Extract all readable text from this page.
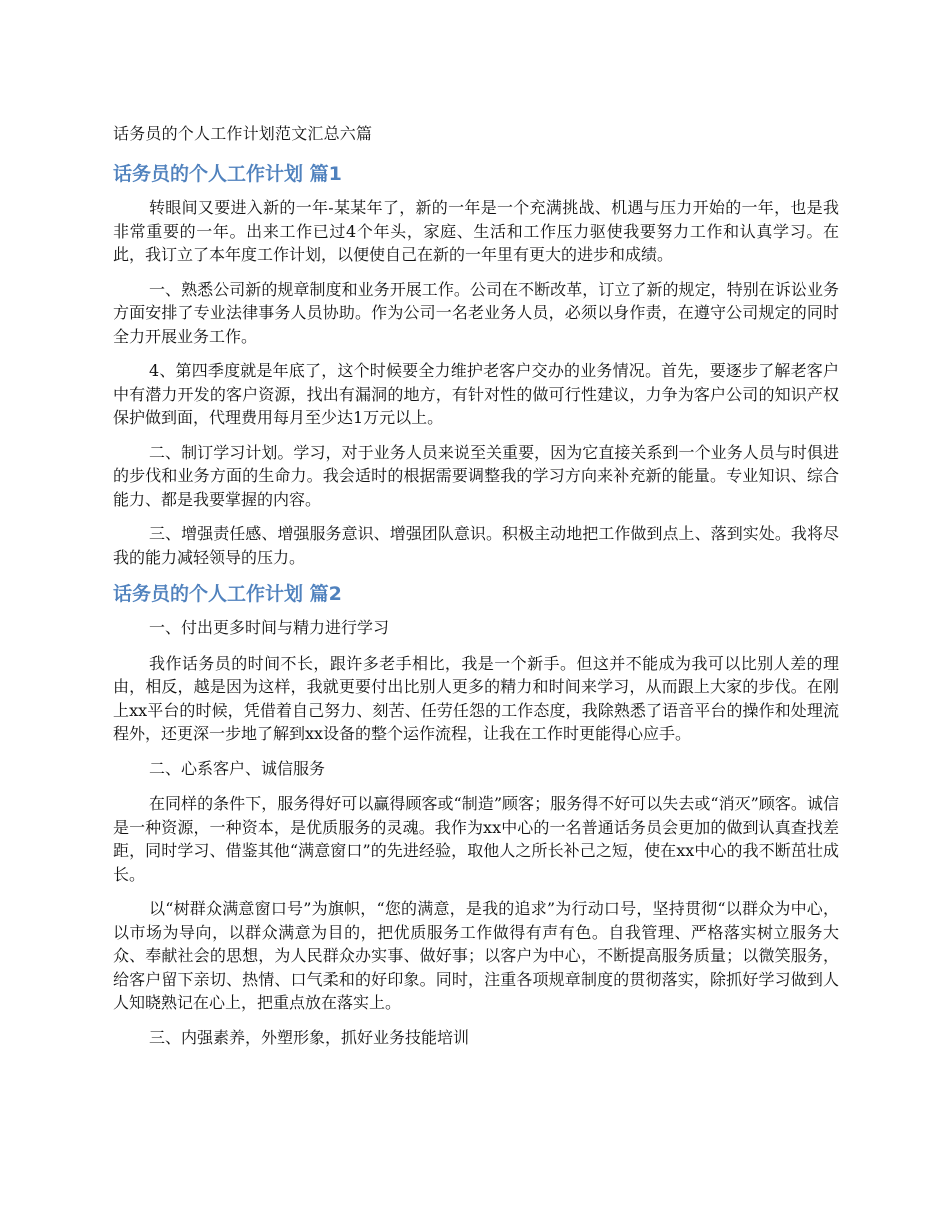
话务员的个人工作计划范文汇总六篇
话务员的个人工作计划 篇1

转眼间又要进入新的一年-某某年了，新的一年是一个充满挑战、机遇与压力开始的一年，也是我非常重要的一年。出来工作已过4个年头，家庭、生活和工作压力驱使我要努力工作和认真学习。在此，我订立了本年度工作计划，以便使自己在新的一年里有更大的进步和成绩。

一、熟悉公司新的规章制度和业务开展工作。公司在不断改革，订立了新的规定，特别在诉讼业务方面安排了专业法律事务人员协助。作为公司一名老业务人员，必须以身作责，在遵守公司规定的同时全力开展业务工作。

4、第四季度就是年底了，这个时候要全力维护老客户交办的业务情况。首先，要逐步了解老客户中有潜力开发的客户资源，找出有漏洞的地方，有针对性的做可行性建议，力争为客户公司的知识产权保护做到面，代理费用每月至少达1万元以上。

二、制订学习计划。学习，对于业务人员来说至关重要，因为它直接关系到一个业务人员与时俱进的步伐和业务方面的生命力。我会适时的根据需要调整我的学习方向来补充新的能量。专业知识、综合能力、都是我要掌握的内容。

三、增强责任感、增强服务意识、增强团队意识。积极主动地把工作做到点上、落到实处。我将尽我的能力减轻领导的压力。

话务员的个人工作计划 篇2

一、付出更多时间与精力进行学习

我作话务员的时间不长，跟许多老手相比，我是一个新手。但这并不能成为我可以比别人差的理由，相反，越是因为这样，我就更要付出比别人更多的精力和时间来学习，从而跟上大家的步伐。在刚上xx平台的时候，凭借着自己努力、刻苦、任劳任怨的工作态度，我除熟悉了语音平台的操作和处理流程外，还更深一步地了解到xx设备的整个运作流程，让我在工作时更能得心应手。

二、心系客户、诚信服务

在同样的条件下，服务得好可以赢得顾客或“制造”顾客；服务得不好可以失去或“消灭”顾客。诚信是一种资源，一种资本，是优质服务的灵魂。我作为xx中心的一名普通话务员会更加的做到认真查找差距，同时学习、借鉴其他“满意窗口”的先进经验，取他人之所长补己之短，使在xx中心的我不断茁壮成长。

以“树群众满意窗口号”为旗帜，“您的满意，是我的追求”为行动口号，坚持贯彻“以群众为中心，以市场为导向，以群众满意为目的，把优质服务工作做得有声有色。自我管理、严格落实树立服务大众、奉献社会的思想，为人民群众办实事、做好事；以客户为中心，不断提高服务质量；以微笑服务，给客户留下亲切、热情、口气柔和的好印象。同时，注重各项规章制度的贯彻落实，除抓好学习做到人人知晓熟记在心上，把重点放在落实上。

三、内强素养，外塑形象，抓好业务技能培训
